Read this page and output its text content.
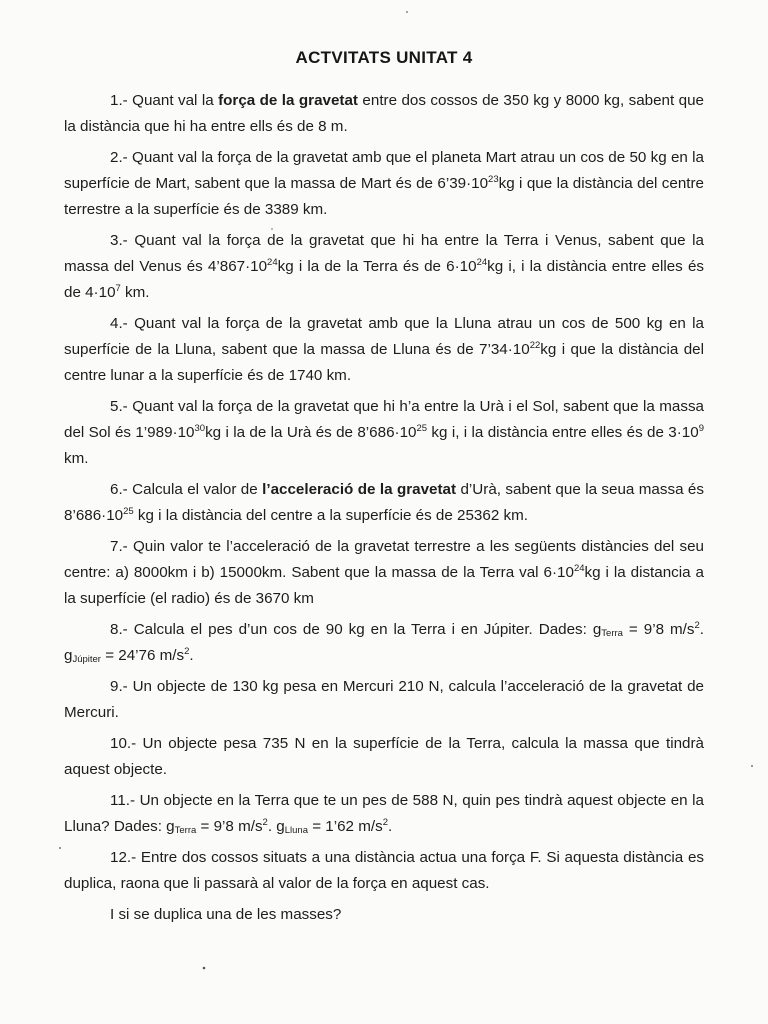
ACTVITATS UNITAT 4

1.- Quant val la força de la gravetat entre dos cossos de 350 kg y 8000 kg, sabent que la distància que hi ha entre ells és de 8 m.

2.- Quant val la força de la gravetat amb que el planeta Mart atrau un cos de 50 kg en la superfície de Mart, sabent que la massa de Mart és de $6’39\cdot 10^{23}kg$ i que la distància del centre terrestre a la superfície és de 3389 km.

3.- Quant val la força de la gravetat que hi ha entre la Terra i Venus, sabent que la massa del Venus és $4’867\cdot 10^{24}kg$ i la de la Terra és de $6\cdot 10^{24}kg$ i, i la distància entre elles és de $4\cdot 10^7$ km.

4.- Quant val la força de la gravetat amb que la Lluna atrau un cos de 500 kg en la superfície de la Lluna, sabent que la massa de Lluna és de $7’34\cdot 10^{22}kg$ i que la distància del centre lunar a la superfície és de 1740 km.

5.- Quant val la força de la gravetat que hi h’a entre la Urà i el Sol, sabent que la massa del Sol és $1’989\cdot 10^{30}kg$ i la de la Urà és de $8’686\cdot 10^{25}$ kg i, i la distància entre elles és de $3\cdot 10^9$ km.

6.- Calcula el valor de l’acceleració de la gravetat d’Urà, sabent que la seua massa és $8’686\cdot 10^{25}$ kg i la distància del centre a la superfície és de 25362 km.

7.- Quin valor te l’acceleració de la gravetat terrestre a les següents distàncies del seu centre: a) 8000km i b) 15000km. Sabent que la massa de la Terra val $6\cdot 10^{24}kg$ i la distancia a la superfície (el radio) és de 3670 km

8.- Calcula el pes d’un cos de 90 kg en la Terra i en Júpiter. Dades: $g_{Terra}$ = 9’8 $m/s^2$. $g_{Júpiter}$ = 24’76 $m/s^2$.

9.- Un objecte de 130 kg pesa en Mercuri 210 N, calcula l’acceleració de la gravetat de Mercuri.

10.- Un objecte pesa 735 N en la superfície de la Terra, calcula la massa que tindrà aquest objecte.

11.- Un objecte en la Terra que te un pes de 588 N, quin pes tindrà aquest objecte en la Lluna? Dades: $g_{Terra}$ = 9’8 $m/s^2$. $g_{Lluna}$ = 1’62 $m/s^2$.

12.- Entre dos cossos situats a una distància actua una força F. Si aquesta distància es duplica, raona que li passarà al valor de la força en aquest cas.

I si se duplica una de les masses?
